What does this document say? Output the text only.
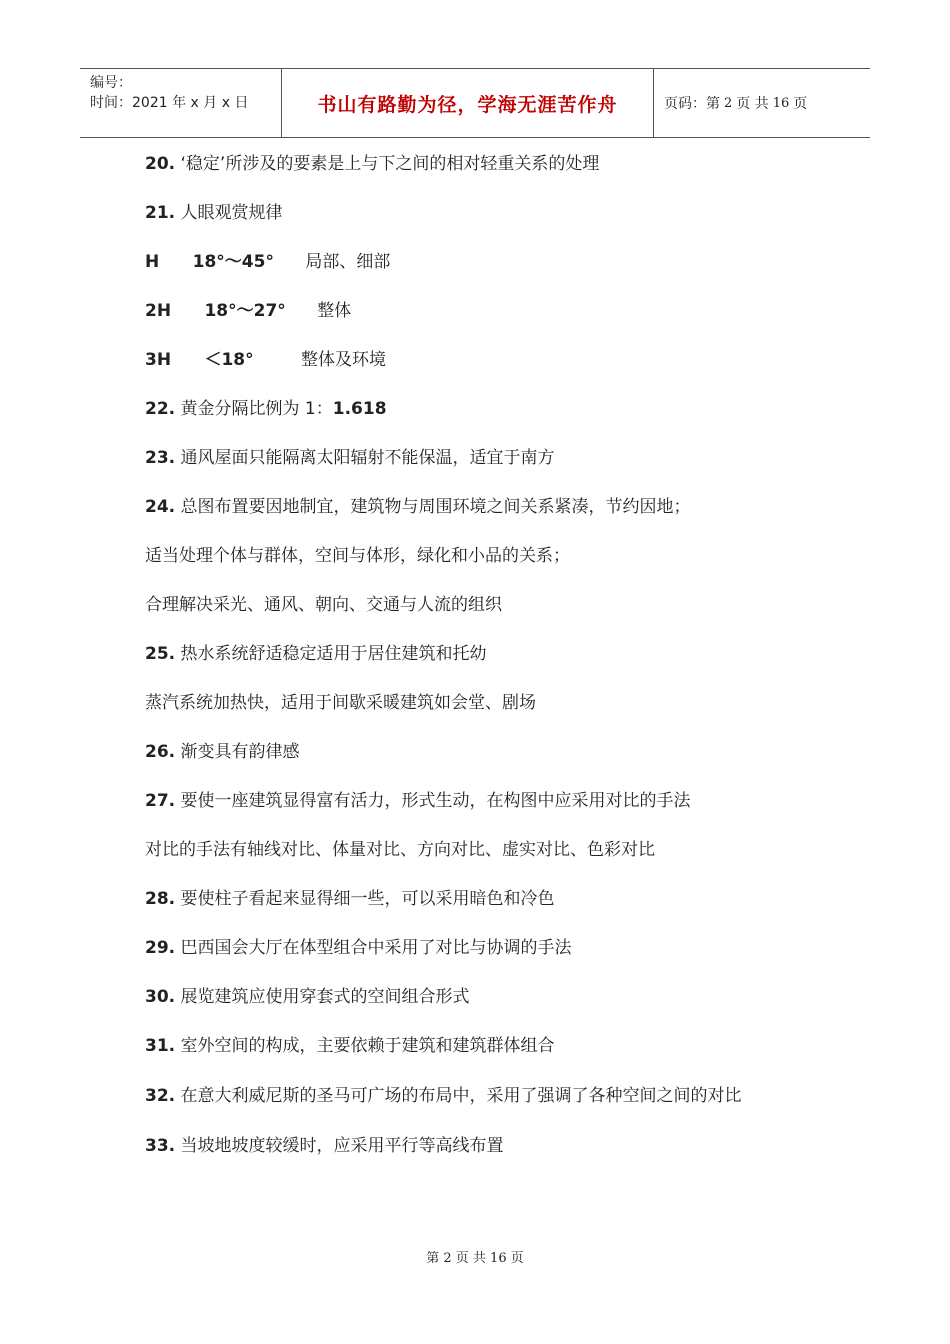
编号：
时间：2021 年 x 月 x 日	书山有路勤为径，学海无涯苦作舟	页码：第 2 页 共 16 页
20. ‘稳定’所涉及的要素是上与下之间的相对轻重关系的处理
21. 人眼观赏规律
H 18°～45° 局部、细部
2H 18°～27° 整体
3H ＜18°	整体及环境
22. 黄金分隔比例为 1：1.618
23. 通风屋面只能隔离太阳辐射不能保温，适宜于南方
24. 总图布置要因地制宜，建筑物与周围环境之间关系紧凑，节约因地；
适当处理个体与群体，空间与体形，绿化和小品的关系；
合理解决采光、通风、朝向、交通与人流的组织
25. 热水系统舒适稳定适用于居住建筑和托幼
蒸汽系统加热快，适用于间歇采暖建筑如会堂、剧场
26. 渐变具有韵律感
27. 要使一座建筑显得富有活力，形式生动，在构图中应采用对比的手法
对比的手法有轴线对比、体量对比、方向对比、虚实对比、色彩对比
28. 要使柱子看起来显得细一些，可以采用暗色和冷色
29. 巴西国会大厅在体型组合中采用了对比与协调的手法
30. 展览建筑应使用穿套式的空间组合形式
31. 室外空间的构成，主要依赖于建筑和建筑群体组合
32. 在意大利威尼斯的圣马可广场的布局中，采用了强调了各种空间之间的对比
33. 当坡地坡度较缓时，应采用平行等高线布置
第 2 页 共 16 页
